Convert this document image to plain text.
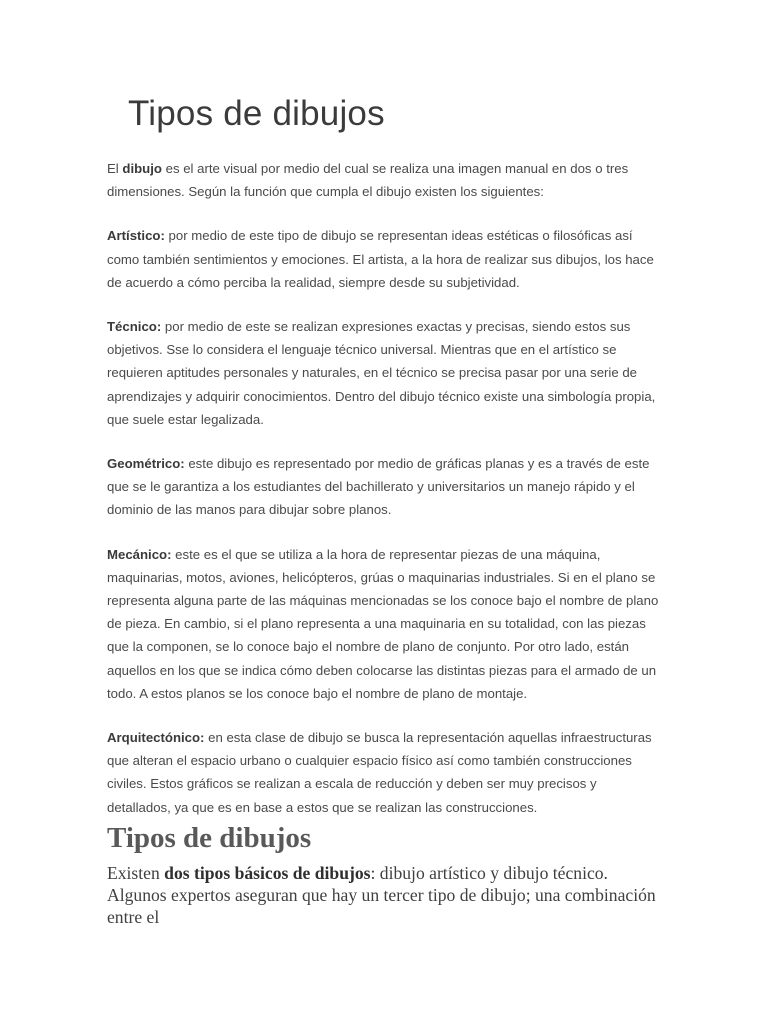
Tipos de dibujos

El dibujo es el arte visual por medio del cual se realiza una imagen manual en dos o tres dimensiones. Según la función que cumpla el dibujo existen los siguientes:

Artístico: por medio de este tipo de dibujo se representan ideas estéticas o filosóficas así como también sentimientos y emociones. El artista, a la hora de realizar sus dibujos, los hace de acuerdo a cómo perciba la realidad, siempre desde su subjetividad.

Técnico: por medio de este se realizan expresiones exactas y precisas, siendo estos sus objetivos. Sse lo considera el lenguaje técnico universal. Mientras que en el artístico se requieren aptitudes personales y naturales, en el técnico se precisa pasar por una serie de aprendizajes y adquirir conocimientos. Dentro del dibujo técnico existe una simbología propia, que suele estar legalizada.

Geométrico: este dibujo es representado por medio de gráficas planas y es a través de este que se le garantiza a los estudiantes del bachillerato y universitarios un manejo rápido y el dominio de las manos para dibujar sobre planos.

Mecánico: este es el que se utiliza a la hora de representar piezas de una máquina, maquinarias, motos, aviones, helicópteros, grúas o maquinarias industriales. Si en el plano se representa alguna parte de las máquinas mencionadas se los conoce bajo el nombre de plano de pieza. En cambio, si el plano representa a una maquinaria en su totalidad, con las piezas que la componen, se lo conoce bajo el nombre de plano de conjunto. Por otro lado, están aquellos en los que se indica cómo deben colocarse las distintas piezas para el armado de un todo. A estos planos se los conoce bajo el nombre de plano de montaje.

Arquitectónico: en esta clase de dibujo se busca la representación aquellas infraestructuras que alteran el espacio urbano o cualquier espacio físico así como también construcciones civiles. Estos gráficos se realizan a escala de reducción y deben ser muy precisos y detallados, ya que es en base a estos que se realizan las construcciones.

Tipos de dibujos

Existen dos tipos básicos de dibujos: dibujo artístico y dibujo técnico. Algunos expertos aseguran que hay un tercer tipo de dibujo; una combinación entre el
